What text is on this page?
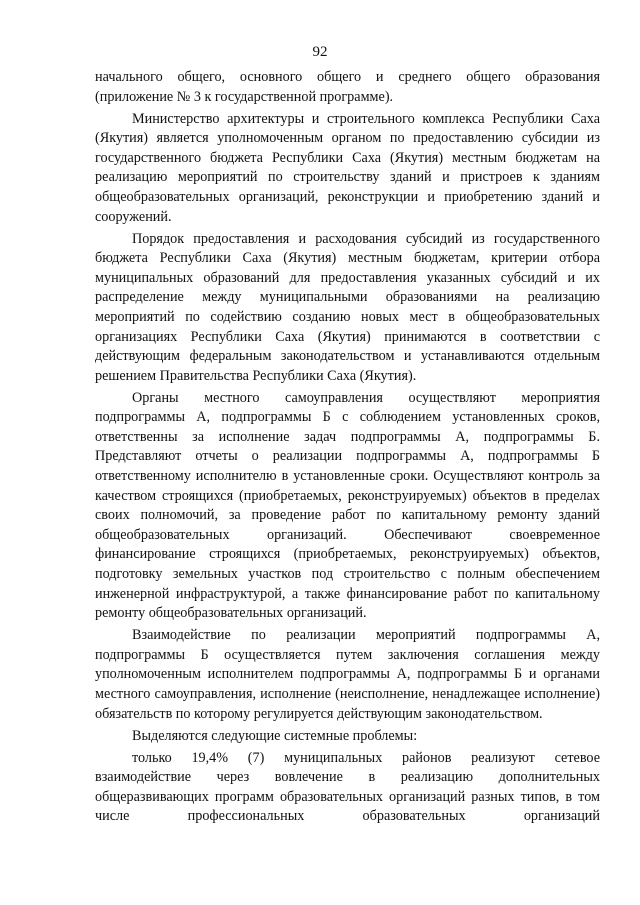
92

начального общего, основного общего и среднего общего образования (приложение № 3 к государственной программе).

Министерство архитектуры и строительного комплекса Республики Саха (Якутия) является уполномоченным органом по предоставлению субсидии из государственного бюджета Республики Саха (Якутия) местным бюджетам на реализацию мероприятий по строительству зданий и пристроев к зданиям общеобразовательных организаций, реконструкции и приобретению зданий и сооружений.

Порядок предоставления и расходования субсидий из государственного бюджета Республики Саха (Якутия) местным бюджетам, критерии отбора муниципальных образований для предоставления указанных субсидий и их распределение между муниципальными образованиями на реализацию мероприятий по содействию созданию новых мест в общеобразовательных организациях Республики Саха (Якутия) принимаются в соответствии с действующим федеральным законодательством и устанавливаются отдельным решением Правительства Республики Саха (Якутия).

Органы местного самоуправления осуществляют мероприятия подпрограммы А, подпрограммы Б с соблюдением установленных сроков, ответственны за исполнение задач подпрограммы А, подпрограммы Б. Представляют отчеты о реализации подпрограммы А, подпрограммы Б ответственному исполнителю в установленные сроки. Осуществляют контроль за качеством строящихся (приобретаемых, реконструируемых) объектов в пределах своих полномочий, за проведение работ по капитальному ремонту зданий общеобразовательных организаций. Обеспечивают своевременное финансирование строящихся (приобретаемых, реконструируемых) объектов, подготовку земельных участков под строительство с полным обеспечением инженерной инфраструктурой, а также финансирование работ по капитальному ремонту общеобразовательных организаций.

Взаимодействие по реализации мероприятий подпрограммы А, подпрограммы Б осуществляется путем заключения соглашения между уполномоченным исполнителем подпрограммы А, подпрограммы Б и органами местного самоуправления, исполнение (неисполнение, ненадлежащее исполнение) обязательств по которому регулируется действующим законодательством.

Выделяются следующие системные проблемы:

только 19,4% (7) муниципальных районов реализуют сетевое взаимодействие через вовлечение в реализацию дополнительных общеразвивающих программ образовательных организаций разных типов, в том числе профессиональных образовательных организаций
